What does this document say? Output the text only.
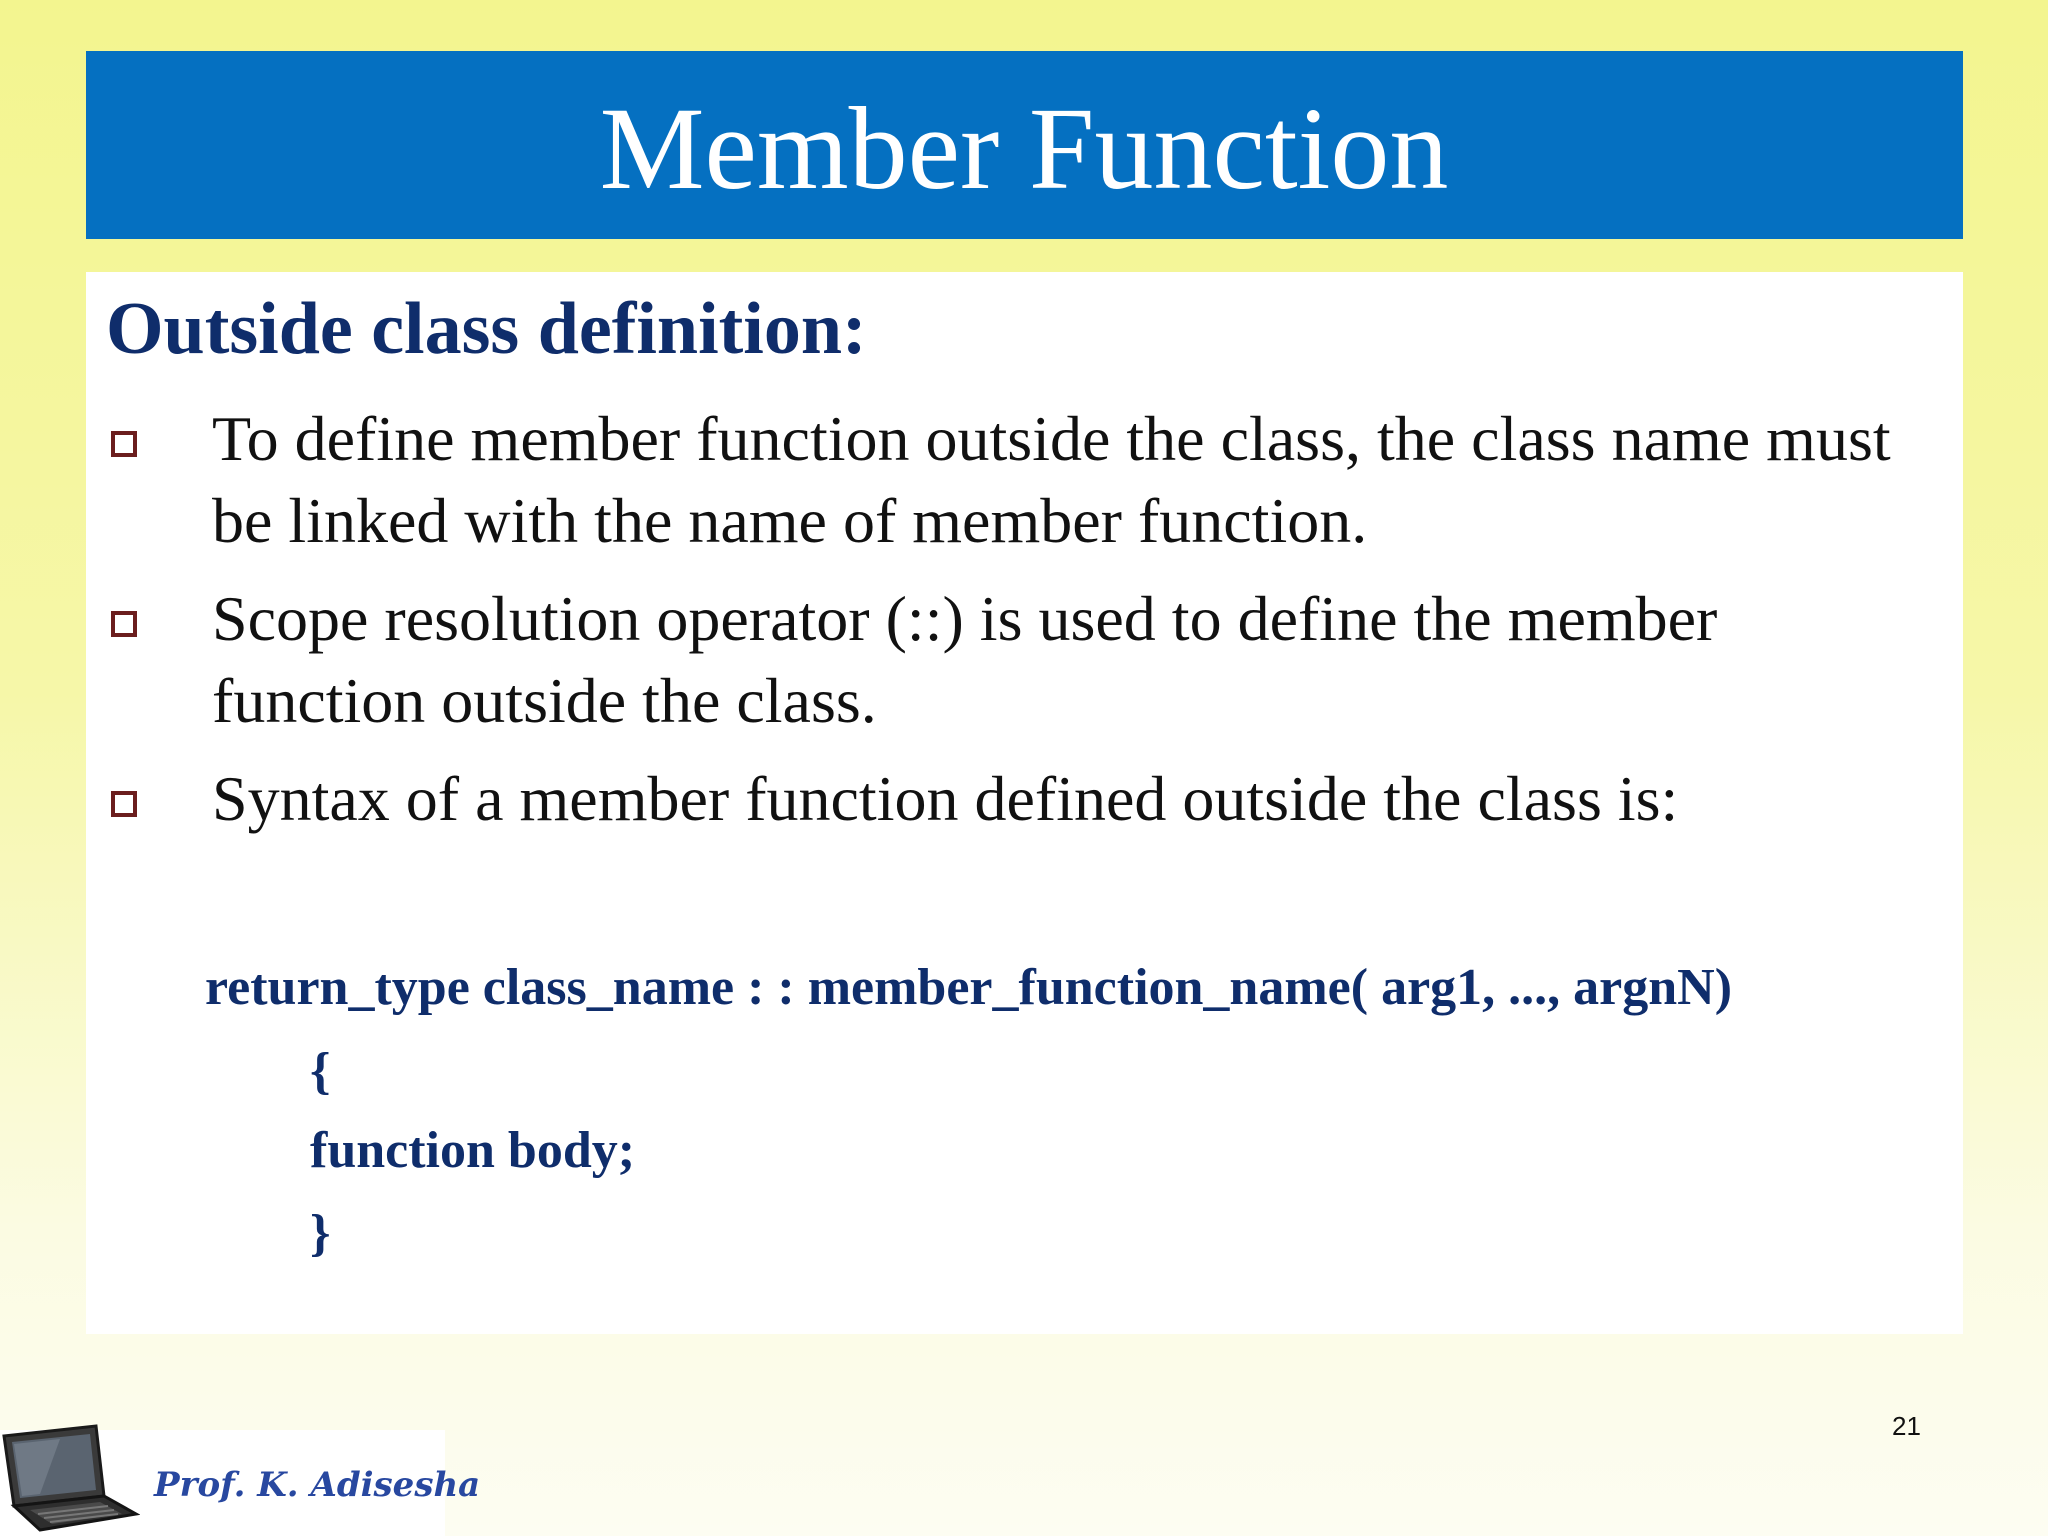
Member Function
Outside class definition:

To define member function outside the class, the class name must be linked with the name of member function.

Scope resolution operator (::) is used to define the member function outside the class.

Syntax of a member function defined outside the class is:

return_type class_name : : member_function_name( arg1, ..., argnN)
{
function body;
}
21
Prof. K. Adisesha
